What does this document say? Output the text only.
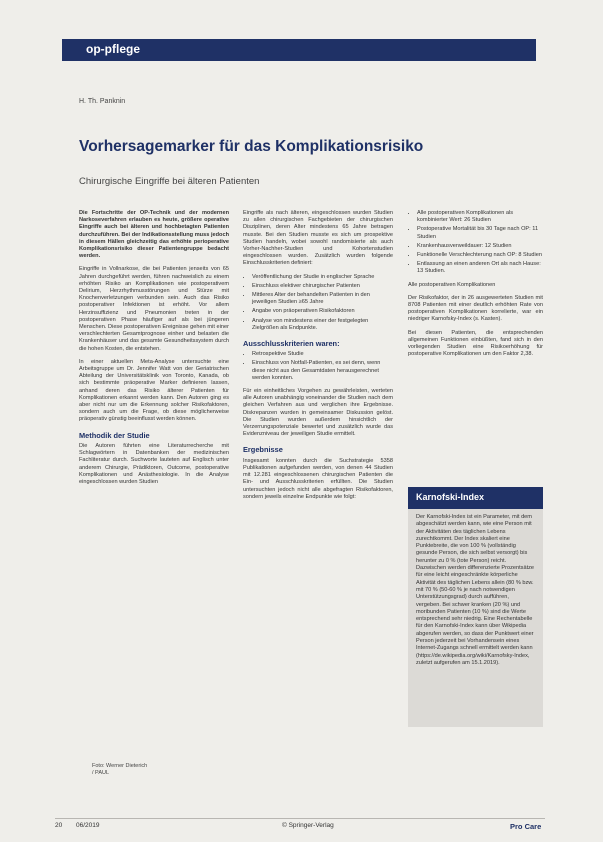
op-pflege
H. Th. Panknin
Vorhersagemarker für das Komplikationsrisiko
Chirurgische Eingriffe bei älteren Patienten

Die Fortschritte der OP-Technik und der modernen Narkoseverfahren erlauben es heute, größere operative Eingriffe auch bei älteren und hochbetagten Patienten durchzuführen. Bei der Indikationsstellung muss jedoch in diesem Hällen gleichzeitig das erhöhte perioperative Komplikationsrisiko dieser Patientengruppe bedacht werden.

Eingriffe in Vollnarkose, die bei Patienten jenseits von 65 Jahren durchgeführt werden, führen nachweislich zu einem erhöhten Risiko an Komplikationen wie postoperativem Delirium, Herzrhythmusstörungen und Stürze mit Knochenverletzungen verbunden sein. Auch das Risiko postoperativer Infektionen ist erhöht. Vor allem Herzinsuffizienz und Pneumonien treten in der postoperativen Phase häufiger auf als bei jüngeren Menschen. Diese postoperativen Ereignisse gehen mit einer verschlechterten Gesamtprognose einher und belasten die Krankenhäuser und das gesamte Gesundheitssystem durch die hohen Kosten, die entstehen.

In einer aktuellen Meta-Analyse untersuchte eine Arbeitsgruppe um Dr. Jennifer Watt von der Geriatrischen Abteilung der Universitätsklinik von Toronto, Kanada, ob sich bestimmte präoperative Marker definieren lassen, anhand deren das Risiko älterer Patienten für Komplikationen erkannt werden kann. Den Autoren ging es aber nicht nur um die Erkennung solcher Risikofaktoren, sondern auch um die Frage, ob diese möglicherweise präoperativ günstig beeinflusst werden können.

Methodik der Studie

Die Autoren führten eine Literaturrecherche mit Schlagwörtern in Datenbanken der medizinischen Fachliteratur durch. Suchworte lauteten auf Englisch unter anderem Chirurgie, Prädiktoren, Outcome, postoperative Komplikationen und Anästhesiologie. In die Analyse eingeschlossen wurden Studien

Foto: Werner Dieterich
/ PAUL

Eingriffe als nach älteren, eingeschlossen wurden Studien zu allen chirurgischen Fachgebieten der chirurgischen Disziplinen, deren Alter mindestens 65 Jahre betragen musste. Bei den Studien musste es sich um prospektive Studien handeln, wobei sowohl randomisierte als auch Vorher-Nachher-Studien und Kohortenstudien eingeschlossen wurden. Zusätzlich wurden folgende Einschlusskriterien definiert:

• Veröffentlichung der Studie in englischer Sprache
• Einschluss elektiver chirurgischer Patienten
• Mittleres Alter der behandelten Patienten in den jeweiligen Studien ≥65 Jahre
• Angabe von präoperativen Risikofaktoren
• Analyse von mindestens einer der festgelegten Zielgrößen als Endpunkte.
Ausschlusskriterien waren:
• Retrospektive Studie
• Einschluss von Notfall-Patienten, es sei denn, wenn diese nicht aus den Gesamtdaten herausgerechnet werden konnten.

Für ein einheitliches Vorgehen zu gewährleisten, werteten alle Autoren unabhängig voneinander die Studien nach dem gleichen Verfahren aus und verglichen ihre Ergebnisse. Diskrepanzen wurden in gemeinsamer Diskussion gelöst. Die Studien wurden außerdem hinsichtlich der Verzerrungspotenziale bewertet und zusätzlich wurde das Evidenzniveau der jeweiligen Studie ermittelt.

Ergebnisse

Insgesamt konnten durch die Suchstrategie 5358 Publikationen aufgefunden werden, von denen 44 Studien mit 12.281 eingeschlossenen chirurgischen Patienten die Ein- und Ausschlusskriterien erfüllten. Die Studien untersuchten jedoch nicht alle abgefragten Risikofaktoren, sondern jeweils einzelne Endpunkte wie folgt:

• Alle postoperativen Komplikationen als kombinierter Wert: 26 Studien
• Postoperative Mortalität bis 30 Tage nach OP: 11 Studien
• Krankenhausverweildauer: 12 Studien
• Funktionelle Verschlechterung nach OP: 8 Studien
• Entlassung an einen anderen Ort als nach Hause: 13 Studien.
Alle postoperativen Komplikationen

Der Risikofaktor, der in 26 ausgewerteten Studien mit 8708 Patienten mit einer deutlich erhöhten Rate von postoperativen Komplikationen korrelierte, war ein niedriger Karnofsky-Index (s. Kasten).

Bei diesen Patienten, die entsprechenden allgemeinen Funktionen einbüßten, fand sich in den vorliegenden Studien eine Risikoerhöhung für postoperative Komplikationen um den Faktor 2,38.

Karnofski-Index
Der Karnofski-Index ist ein Parameter, mit dem abgeschätzt werden kann, wie eine Person mit der Aktivitäten des täglichen Lebens zurechtkommt. Der Index skaliert eine Punktebreite, die von 100 % (vollständig gesunde Person, die sich selbst versorgt) bis herunter zu 0 % (tote Person) reicht. Dazwischen werden differenzierte Prozentsätze für eine leicht eingeschränkte körperliche Aktivität des täglichen Lebens allein (80 % bzw. mit 70 % (50-60 % je nach notwendigen Unterstützungsgrad) durch aufführen, vergeben. Bei schwer kranken (20 %) und moribunden Patienten (10 %) sind die Werte entsprechend sehr niedrig. Eine Rechentabelle für den Karnofski-Index kann über Wikipedia abgerufen werden, so dass der Punktwert einer Person jederzeit bei Vorhandensein eines Internet-Zugangs schnell ermittelt werden kann (https://de.wikipedia.org/wiki/Karnofsky-Index, zuletzt aufgerufen am 15.1.2019).
20 06/2019	© Springer-Verlag	Pro Care
